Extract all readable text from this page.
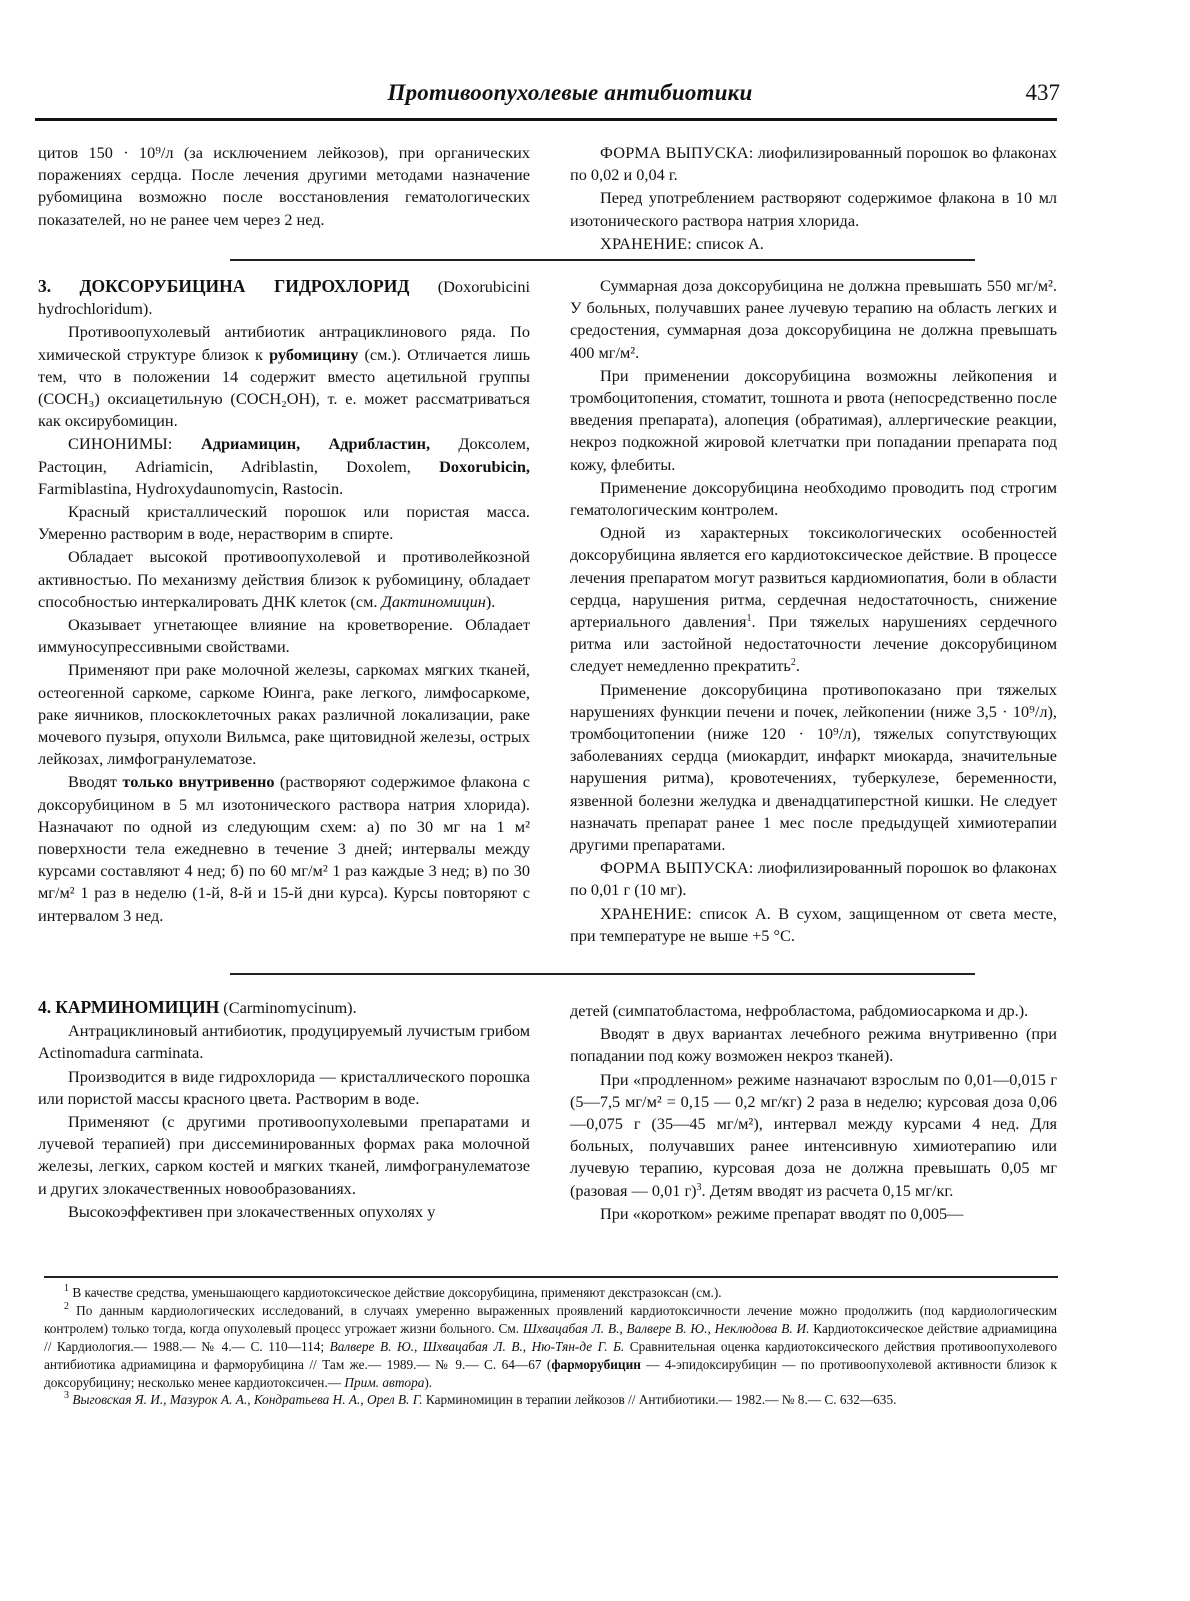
Противоопухолевые антибиотики	437

цитов 150 · 10⁹/л (за исключением лейкозов), при органических поражениях сердца. После лечения другими методами назначение рубомицина возможно после восстановления гематологических показателей, но не ранее чем через 2 нед.

ФОРМА ВЫПУСКА: лиофилизированный порошок во флаконах по 0,02 и 0,04 г.

Перед употреблением растворяют содержимое флакона в 10 мл изотонического раствора натрия хлорида.

ХРАНЕНИЕ: список А.

3. ДОКСОРУБИЦИНА ГИДРОХЛОРИД (Doxorubicini hydrochloridum).

Противоопухолевый антибиотик антрациклинового ряда. По химической структуре близок к рубомицину (см.). Отличается лишь тем, что в положении 14 содержит вместо ацетильной группы (COCH₃) оксиацетильную (COCH₂OH), т. е. может рассматриваться как оксирубомицин.

СИНОНИМЫ: Адриамицин, Адрибластин, Доксолем, Растоцин, Adriamicin, Adriblastin, Doxolem, Doxorubicin, Farmiblastina, Hydroxydaunomycin, Rastocin.

Красный кристаллический порошок или пористая масса. Умеренно растворим в воде, нерастворим в спирте.

Обладает высокой противоопухолевой и противолейкозной активностью. По механизму действия близок к рубомицину, обладает способностью интеркалировать ДНК клеток (см. Дактиномицин).

Оказывает угнетающее влияние на кроветворение. Обладает иммуносупрессивными свойствами.

Применяют при раке молочной железы, саркомах мягких тканей, остеогенной саркоме, саркоме Юинга, раке легкого, лимфосаркоме, раке яичников, плоскоклеточных раках различной локализации, раке мочевого пузыря, опухоли Вильмса, раке щитовидной железы, острых лейкозах, лимфогранулематозе.

Вводят только внутривенно (растворяют содержимое флакона с доксорубицином в 5 мл изотонического раствора натрия хлорида). Назначают по одной из следующим схем: а) по 30 мг на 1 м² поверхности тела ежедневно в течение 3 дней; интервалы между курсами составляют 4 нед; б) по 60 мг/м² 1 раз каждые 3 нед; в) по 30 мг/м² 1 раз в неделю (1-й, 8-й и 15-й дни курса). Курсы повторяют с интервалом 3 нед.

Суммарная доза доксорубицина не должна превышать 550 мг/м². У больных, получавших ранее лучевую терапию на область легких и средостения, суммарная доза доксорубицина не должна превышать 400 мг/м².

При применении доксорубицина возможны лейкопения и тромбоцитопения, стоматит, тошнота и рвота (непосредственно после введения препарата), алопеция (обратимая), аллергические реакции, некроз подкожной жировой клетчатки при попадании препарата под кожу, флебиты.

Применение доксорубицина необходимо проводить под строгим гематологическим контролем.

Одной из характерных токсикологических особенностей доксорубицина является его кардиотоксическое действие. В процессе лечения препаратом могут развиться кардиомиопатия, боли в области сердца, нарушения ритма, сердечная недостаточность, снижение артериального давления$^1$. При тяжелых нарушениях сердечного ритма или застойной недостаточности лечение доксорубицином следует немедленно прекратить$^2$.

Применение доксорубицина противопоказано при тяжелых нарушениях функции печени и почек, лейкопении (ниже 3,5 · 10⁹/л), тромбоцитопении (ниже 120 · 10⁹/л), тяжелых сопутствующих заболеваниях сердца (миокардит, инфаркт миокарда, значительные нарушения ритма), кровотечениях, туберкулезе, беременности, язвенной болезни желудка и двенадцатиперстной кишки. Не следует назначать препарат ранее 1 мес после предыдущей химиотерапии другими препаратами.

ФОРМА ВЫПУСКА: лиофилизированный порошок во флаконах по 0,01 г (10 мг).

ХРАНЕНИЕ: список А. В сухом, защищенном от света месте, при температуре не выше +5 °С.

4. КАРМИНОМИЦИН (Carminomycinum).

Антрациклиновый антибиотик, продуцируемый лучистым грибом Actinomadura carminata.

Производится в виде гидрохлорида — кристаллического порошка или пористой массы красного цвета. Растворим в воде.

Применяют (с другими противоопухолевыми препаратами и лучевой терапией) при диссеминированных формах рака молочной железы, легких, сарком костей и мягких тканей, лимфогранулематозе и других злокачественных новообразованиях.

Высокоэффективен при злокачественных опухолях у

детей (симпатобластома, нефробластома, рабдомиосаркома и др.).

Вводят в двух вариантах лечебного режима внутривенно (при попадании под кожу возможен некроз тканей).

При «продленном» режиме назначают взрослым по 0,01—0,015 г (5—7,5 мг/м² = 0,15 — 0,2 мг/кг) 2 раза в неделю; курсовая доза 0,06—0,075 г (35—45 мг/м²), интервал между курсами 4 нед. Для больных, получавших ранее интенсивную химиотерапию или лучевую терапию, курсовая доза не должна превышать 0,05 мг (разовая — 0,01 г)$^3$. Детям вводят из расчета 0,15 мг/кг.

При «коротком» режиме препарат вводят по 0,005—

$^1$ В качестве средства, уменьшающего кардиотоксическое действие доксорубицина, применяют декстразоксан (см.).

$^2$ По данным кардиологических исследований, в случаях умеренно выраженных проявлений кардиотоксичности лечение можно продолжить (под кардиологическим контролем) только тогда, когда опухолевый процесс угрожает жизни больного. См. Шхвацабая Л. В., Валвере В. Ю., Неклюдова В. И. Кардиотоксическое действие адриамицина // Кардиология.— 1988.— № 4.— С. 110—114; Валвере В. Ю., Шхвацабая Л. В., Ню-Тян-де Г. Б. Сравнительная оценка кардиотоксического действия противоопухолевого антибиотика адриамицина и фарморубицина // Там же.— 1989.— № 9.— С. 64—67 (фарморубицин — 4-эпидоксирубицин — по противоопухолевой активности близок к доксорубицину; несколько менее кардиотоксичен.— Прим. автора).

$^3$ Выговская Я. И., Мазурок А. А., Кондратьева Н. А., Орел В. Г. Карминомицин в терапии лейкозов // Антибиотики.— 1982.— № 8.— С. 632—635.
